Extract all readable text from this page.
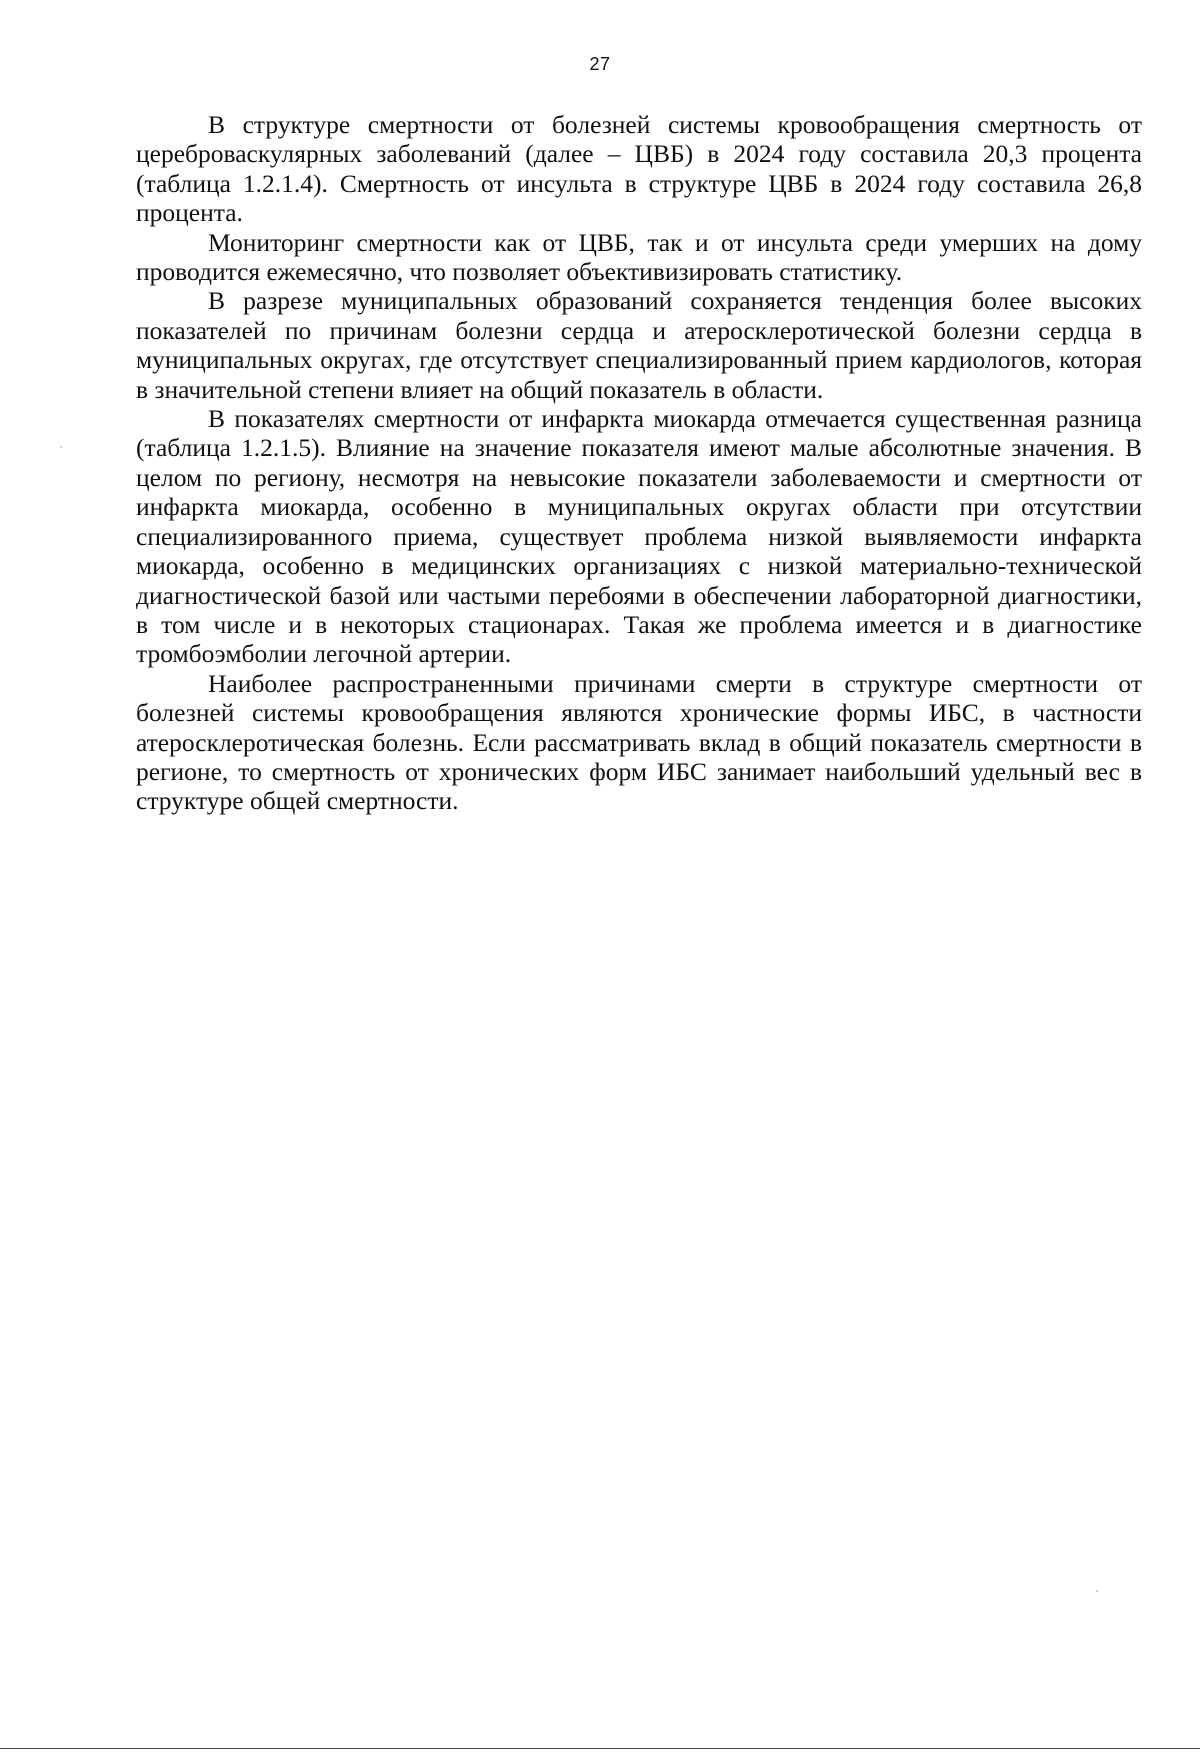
27

В структуре смертности от болезней системы кровообращения смертность от цереброваскулярных заболеваний (далее – ЦВБ) в 2024 году составила 20,3 процента (таблица 1.2.1.4). Смертность от инсульта в структуре ЦВБ в 2024 году составила 26,8 процента.

Мониторинг смертности как от ЦВБ, так и от инсульта среди умерших на дому проводится ежемесячно, что позволяет объективизировать статистику.

В разрезе муниципальных образований сохраняется тенденция более высоких показателей по причинам болезни сердца и атеросклеротической болезни сердца в муниципальных округах, где отсутствует специализированный прием кардиологов, которая в значительной степени влияет на общий показатель в области.

В показателях смертности от инфаркта миокарда отмечается существенная разница (таблица 1.2.1.5). Влияние на значение показателя имеют малые абсолютные значения. В целом по региону, несмотря на невысокие показатели заболеваемости и смертности от инфаркта миокарда, особенно в муниципальных округах области при отсутствии специализированного приема, существует проблема низкой выявляемости инфаркта миокарда, особенно в медицинских организациях с низкой материально-технической диагностической базой или частыми перебоями в обеспечении лабораторной диагностики, в том числе и в некоторых стационарах. Такая же проблема имеется и в диагностике тромбоэмболии легочной артерии.

Наиболее распространенными причинами смерти в структуре смертности от болезней системы кровообращения являются хронические формы ИБС, в частности атеросклеротическая болезнь. Если рассматривать вклад в общий показатель смертности в регионе, то смертность от хронических форм ИБС занимает наибольший удельный вес в структуре общей смертности.
